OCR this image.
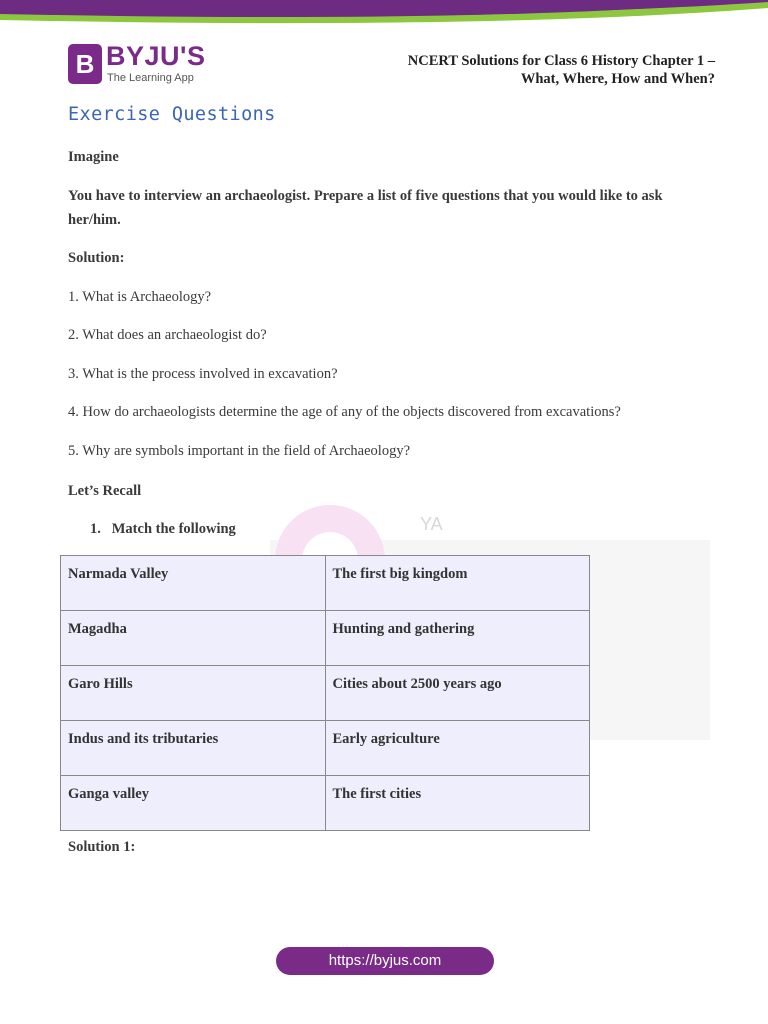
B BYJU'S
The Learning App
NCERT Solutions for Class 6 History Chapter 1 –
What, Where, How and When?
Exercise Questions
Imagine
You have to interview an archaeologist. Prepare a list of five questions that you would like to ask
her/him.
Solution:
1. What is Archaeology?
2. What does an archaeologist do?
3. What is the process involved in excavation?
4. How do archaeologists determine the age of any of the objects discovered from excavations?
5. Why are symbols important in the field of Archaeology?
Let’s Recall
YA
1. Match the following
Narmada Valley	The first big kingdom
Magadha	Hunting and gathering
Garo Hills	Cities about 2500 years ago
Indus and its tributaries	Early agriculture
Ganga valley	The first cities
Solution 1:
https://byjus.com
